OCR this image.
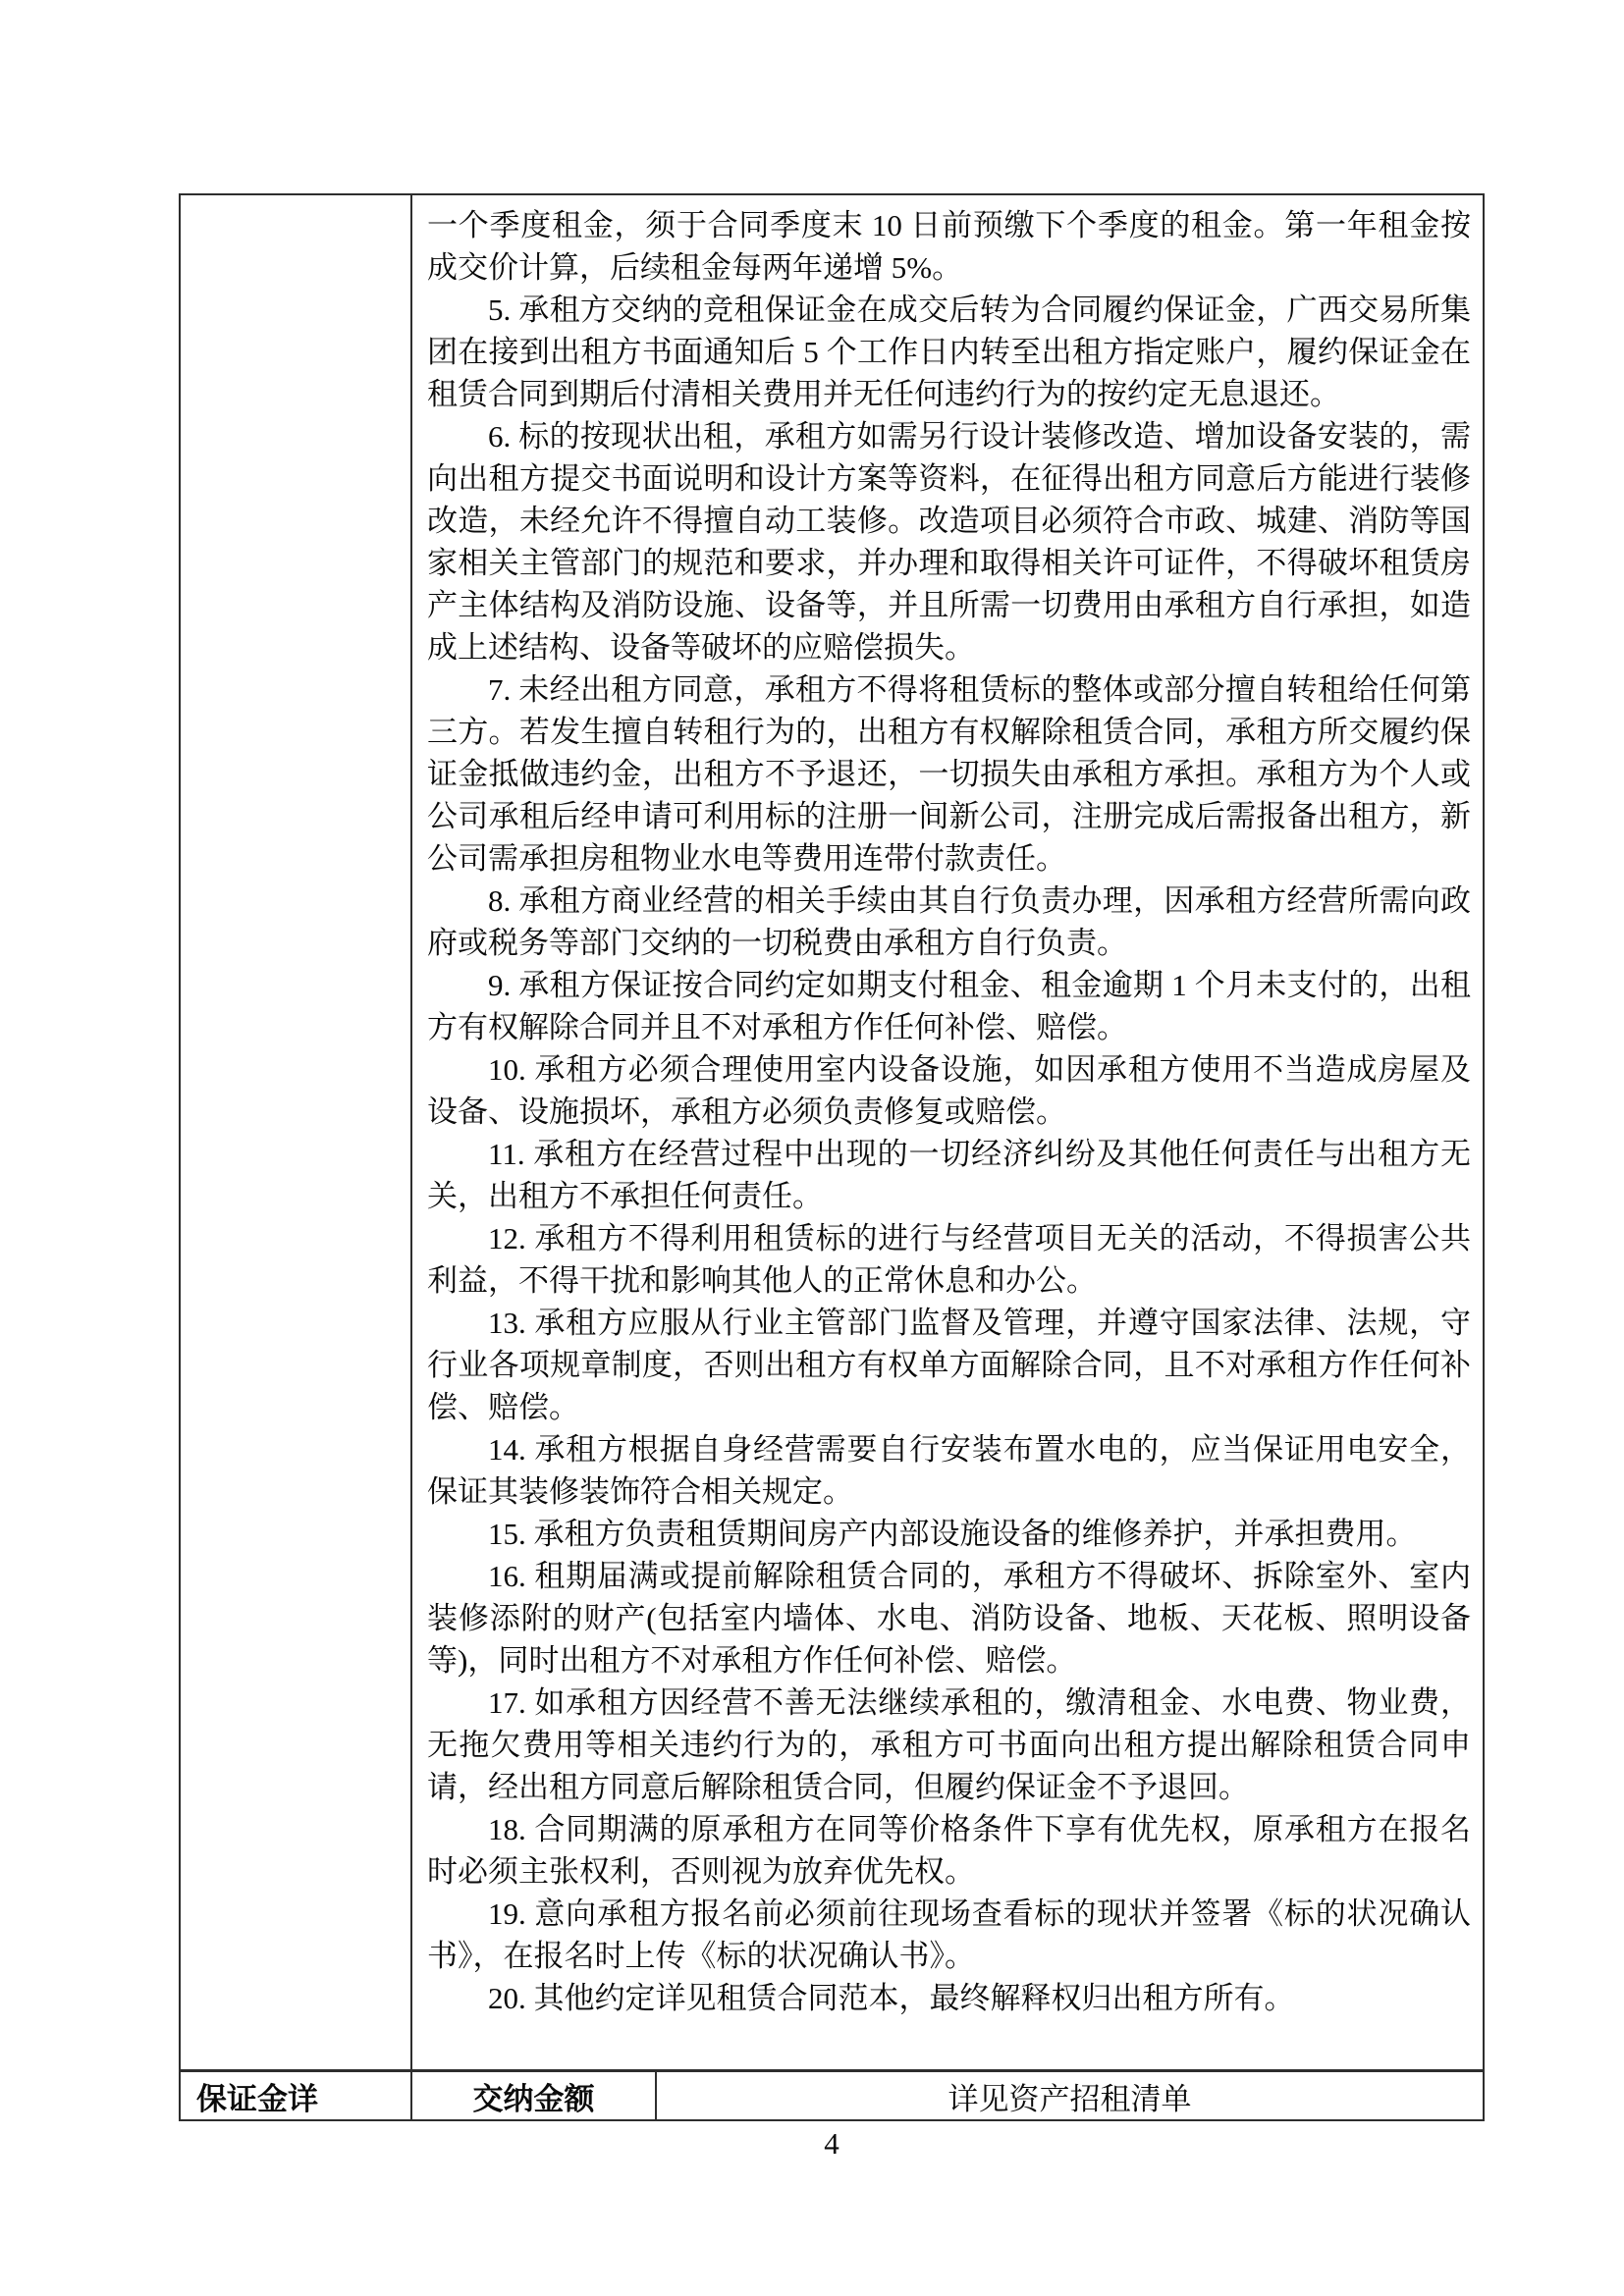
一个季度租金，须于合同季度末 10 日前预缴下个季度的租金。第一年租金按成交价计算，后续租金每两年递增 5%。

5. 承租方交纳的竞租保证金在成交后转为合同履约保证金，广西交易所集团在接到出租方书面通知后 5 个工作日内转至出租方指定账户，履约保证金在租赁合同到期后付清相关费用并无任何违约行为的按约定无息退还。

6. 标的按现状出租，承租方如需另行设计装修改造、增加设备安装的，需向出租方提交书面说明和设计方案等资料，在征得出租方同意后方能进行装修改造，未经允许不得擅自动工装修。改造项目必须符合市政、城建、消防等国家相关主管部门的规范和要求，并办理和取得相关许可证件，不得破坏租赁房产主体结构及消防设施、设备等，并且所需一切费用由承租方自行承担，如造成上述结构、设备等破坏的应赔偿损失。

7. 未经出租方同意，承租方不得将租赁标的整体或部分擅自转租给任何第三方。若发生擅自转租行为的，出租方有权解除租赁合同，承租方所交履约保证金抵做违约金，出租方不予退还，一切损失由承租方承担。承租方为个人或公司承租后经申请可利用标的注册一间新公司，注册完成后需报备出租方，新公司需承担房租物业水电等费用连带付款责任。

8. 承租方商业经营的相关手续由其自行负责办理，因承租方经营所需向政府或税务等部门交纳的一切税费由承租方自行负责。

9. 承租方保证按合同约定如期支付租金、租金逾期 1 个月未支付的，出租方有权解除合同并且不对承租方作任何补偿、赔偿。

10. 承租方必须合理使用室内设备设施，如因承租方使用不当造成房屋及设备、设施损坏，承租方必须负责修复或赔偿。

11. 承租方在经营过程中出现的一切经济纠纷及其他任何责任与出租方无关，出租方不承担任何责任。

12. 承租方不得利用租赁标的进行与经营项目无关的活动，不得损害公共利益，不得干扰和影响其他人的正常休息和办公。

13. 承租方应服从行业主管部门监督及管理，并遵守国家法律、法规，守行业各项规章制度，否则出租方有权单方面解除合同，且不对承租方作任何补偿、赔偿。

14. 承租方根据自身经营需要自行安装布置水电的，应当保证用电安全，保证其装修装饰符合相关规定。

15. 承租方负责租赁期间房产内部设施设备的维修养护，并承担费用。

16. 租期届满或提前解除租赁合同的，承租方不得破坏、拆除室外、室内装修添附的财产(包括室内墙体、水电、消防设备、地板、天花板、照明设备等)，同时出租方不对承租方作任何补偿、赔偿。

17. 如承租方因经营不善无法继续承租的，缴清租金、水电费、物业费，无拖欠费用等相关违约行为的，承租方可书面向出租方提出解除租赁合同申请，经出租方同意后解除租赁合同，但履约保证金不予退回。

18. 合同期满的原承租方在同等价格条件下享有优先权，原承租方在报名时必须主张权利，否则视为放弃优先权。

19. 意向承租方报名前必须前往现场查看标的现状并签署《标的状况确认书》，在报名时上传《标的状况确认书》。

20. 其他约定详见租赁合同范本，最终解释权归出租方所有。

保证金详	交纳金额	详见资产招租清单
4
